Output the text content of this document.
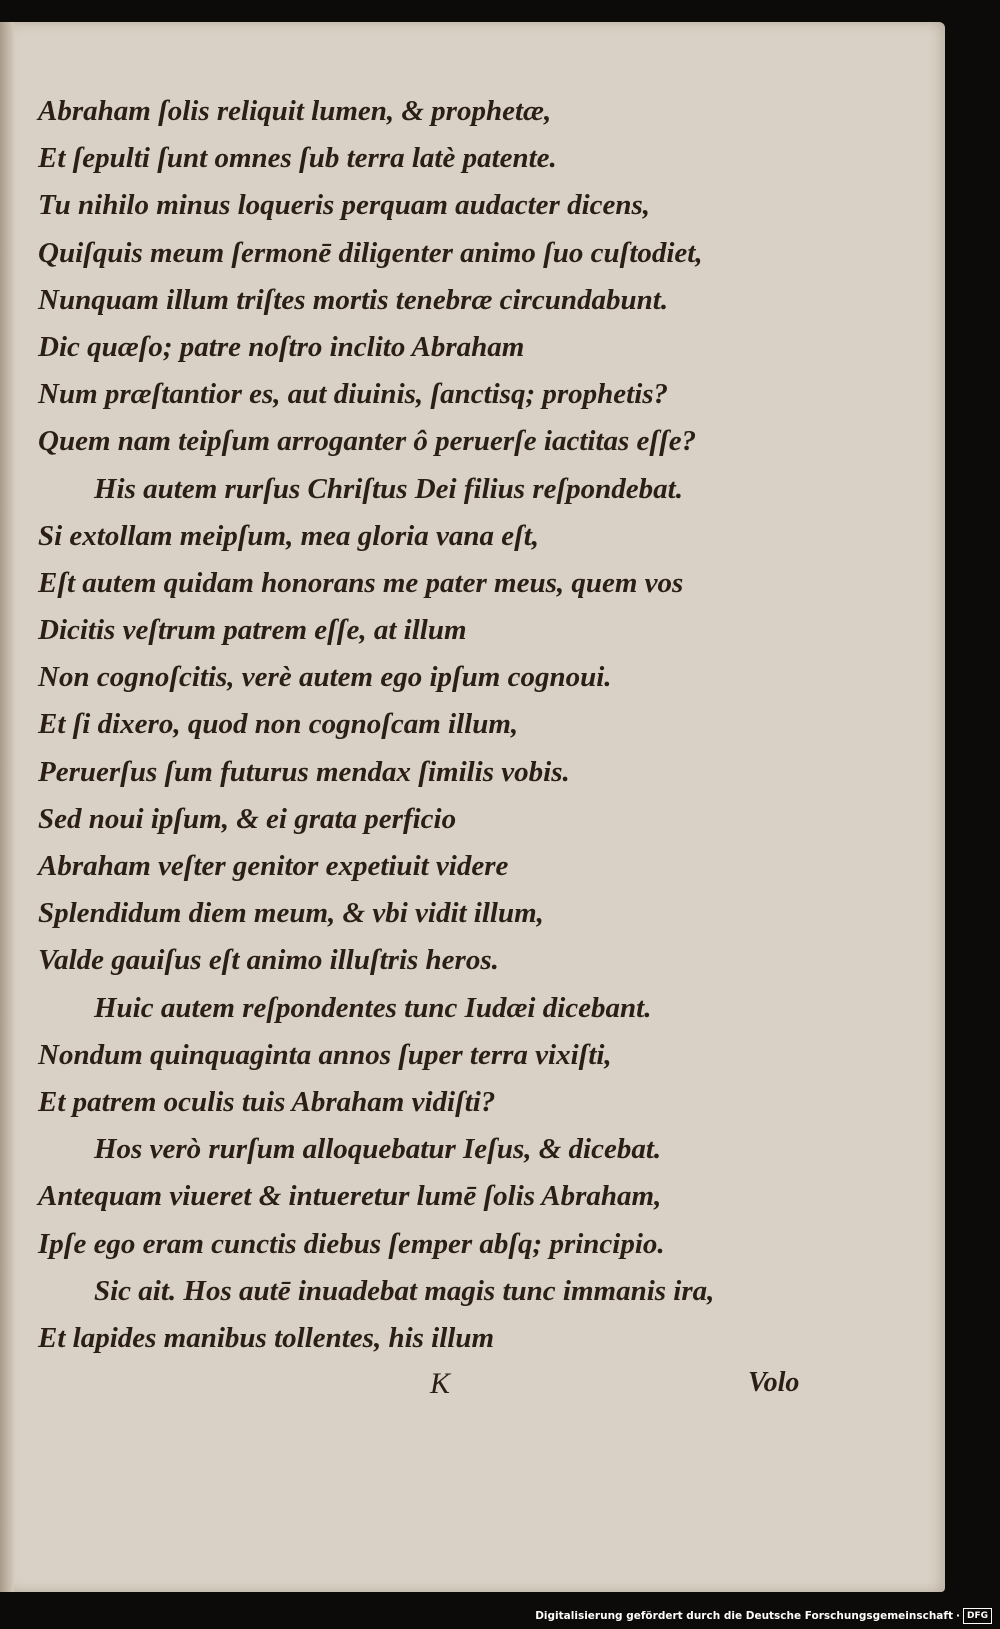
Abraham ſolis reliquit lumen, & prophetæ,
Et ſepulti ſunt omnes ſub terra latè patente.
Tu nihilo minus loqueris perquam audacter dicens,
Quiſquis meum ſermonē diligenter animo ſuo cuſtodiet,
Nunquam illum triſtes mortis tenebræ circundabunt.
Dic quæſo; patre noſtro inclito Abraham
Num præſtantior es, aut diuinis, ſanctisq; prophetis?
Quem nam teipſum arroganter ô peruerſe iactitas eſſe?
His autem rurſus Chriſtus Dei filius reſpondebat.
Si extollam meipſum, mea gloria vana eſt,
Eſt autem quidam honorans me pater meus, quem vos
Dicitis veſtrum patrem eſſe, at illum
Non cognoſcitis, verè autem ego ipſum cognoui.
Et ſi dixero, quod non cognoſcam illum,
Peruerſus ſum futurus mendax ſimilis vobis.
Sed noui ipſum, & ei grata perficio
Abraham veſter genitor expetiuit videre
Splendidum diem meum, & vbi vidit illum,
Valde gauiſus eſt animo illuſtris heros.
Huic autem reſpondentes tunc Iudæi dicebant.
Nondum quinquaginta annos ſuper terra vixiſti,
Et patrem oculis tuis Abraham vidiſti?
Hos verò rurſum alloquebatur Ieſus, & dicebat.
Antequam viueret & intueretur lumē ſolis Abraham,
Ipſe ego eram cunctis diebus ſemper abſq; principio.
Sic ait. Hos autē inuadebat magis tunc immanis ira,
Et lapides manibus tollentes, his illum
K	Volo
Digitalisierung gefördert durch die Deutsche Forschungsgemeinschaft · DFG
